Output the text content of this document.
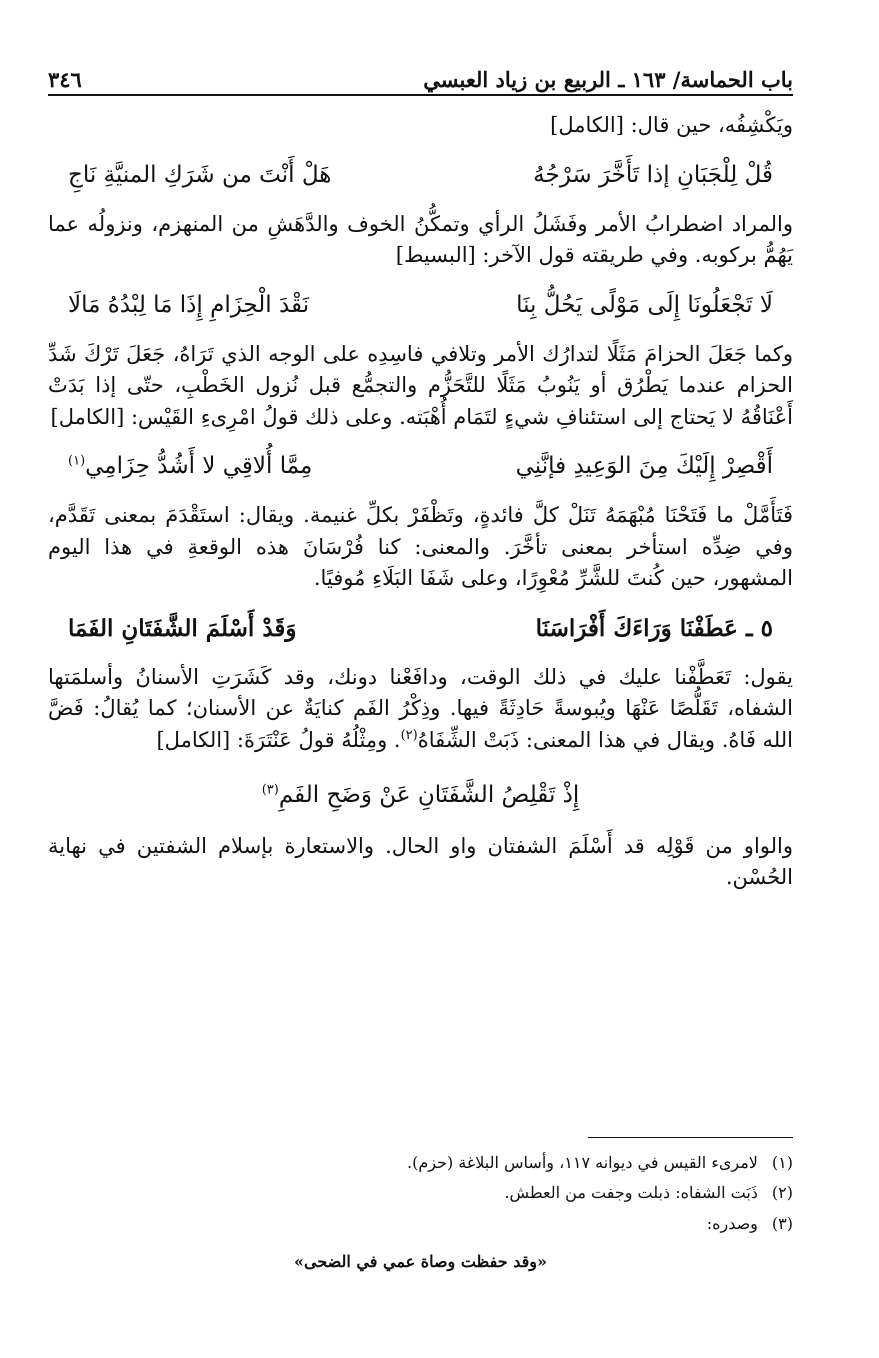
باب الحماسة/ ١٦٣ ـ الربيع بن زياد العبسي
٣٤٦

ويَكْشِفُه، حين قال: [الكامل]

قُلْ لِلْجَبَانِ إذا تَأَخَّرَ سَرْجُهُ
هَلْ أَنْتَ من شَرَكِ المنيَّةِ نَاجِ

والمراد اضطرابُ الأمر وفَشَلُ الرأي وتمكُّنُ الخوف والدَّهَشِ من المنهزم، ونزولُه عما يَهُمُّ بركوبه. وفي طريقته قول الآخر: [البسيط]

لَا تَجْعَلُونَا إِلَى مَوْلًى يَحُلُّ بِنَا
نَقْدَ الْحِزَامِ إِذَا مَا لِبْدُهُ مَالَا

وكما جَعَلَ الحزامَ مَثَلًا لتدارُك الأمر وتلافي فاسِدِه على الوجه الذي تَرَاهُ، جَعَلَ تَرْكَ شَدِّ الحزام عندما يَطْرُق أو يَنُوبُ مَثَلًا للتَّحَزُّم والتجمُّع قبل نُزول الخَطْبِ، حتّى إذا بَدَتْ أَعْنَاقُهُ لا يَحتاج إلى استئنافِ شيءٍ لتَمَام أُهْبَته. وعلى ذلك قولُ امْرِىءِ القَيْس: [الكامل]

أَقْصِرْ إِلَيْكَ مِنَ الوَعِيدِ فإنَّنِي
مِمَّا أُلاقِي لا أَشُدُّ حِزَامِي$^{(١)}$

فَتَأَمَّلْ ما فَتَحْنَا مُبْهَمَهُ تَنَلْ كلَّ فائدةٍ، وتَظْفَرْ بكلِّ غنيمة. ويقال: استَقْدَمَ بمعنى تَقَدَّم، وفي ضِدِّه استأخر بمعنى تأخَّرَ. والمعنى: كنا فُرْسَانَ هذه الوقعةِ في هذا اليوم المشهور، حين كُنتَ للشَّرِّ مُعْوِرًا، وعلى شَفَا البَلَاءِ مُوفيًا.

٥ ـ عَطَفْنَا وَرَاءَكَ أَفْرَاسَنَا
وَقَدْ أَسْلَمَ الشَّفَتَانِ الفَمَا

يقول: تَعَطَّفْنا عليك في ذلك الوقت، ودافَعْنا دونك، وقد كَشَرَتِ الأسنانُ وأسلمَتها الشفاه، تَقَلُّصًا عَنْهَا ويُبوسةً حَادِثَةً فيها. وذِكْرُ الفَم كنايَةٌ عن الأسنان؛ كما يُقالُ: فَضَّ الله فَاهُ. ويقال في هذا المعنى: ذَبَتْ الشِّفَاهُ$^{(٢)}$. ومِثْلُهُ قولُ عَنْتَرَةَ: [الكامل]

إِذْ تَقْلِصُ الشَّفَتَانِ عَنْ وَضَحِ الفَمِ$^{(٣)}$

والواو من قَوْلِه قد أَسْلَمَ الشفتان واو الحال. والاستعارة بإسلام الشفتين في نهاية الحُسْن.

(١)
لامرىء القيس في ديوانه ١١٧، وأساس البلاغة (حزم).
(٢)
ذَبَت الشفاه: ذبلت وجفت من العطش.
(٣)
وصدره:
«وقد حفظت وصاة عمي في الضحى»
